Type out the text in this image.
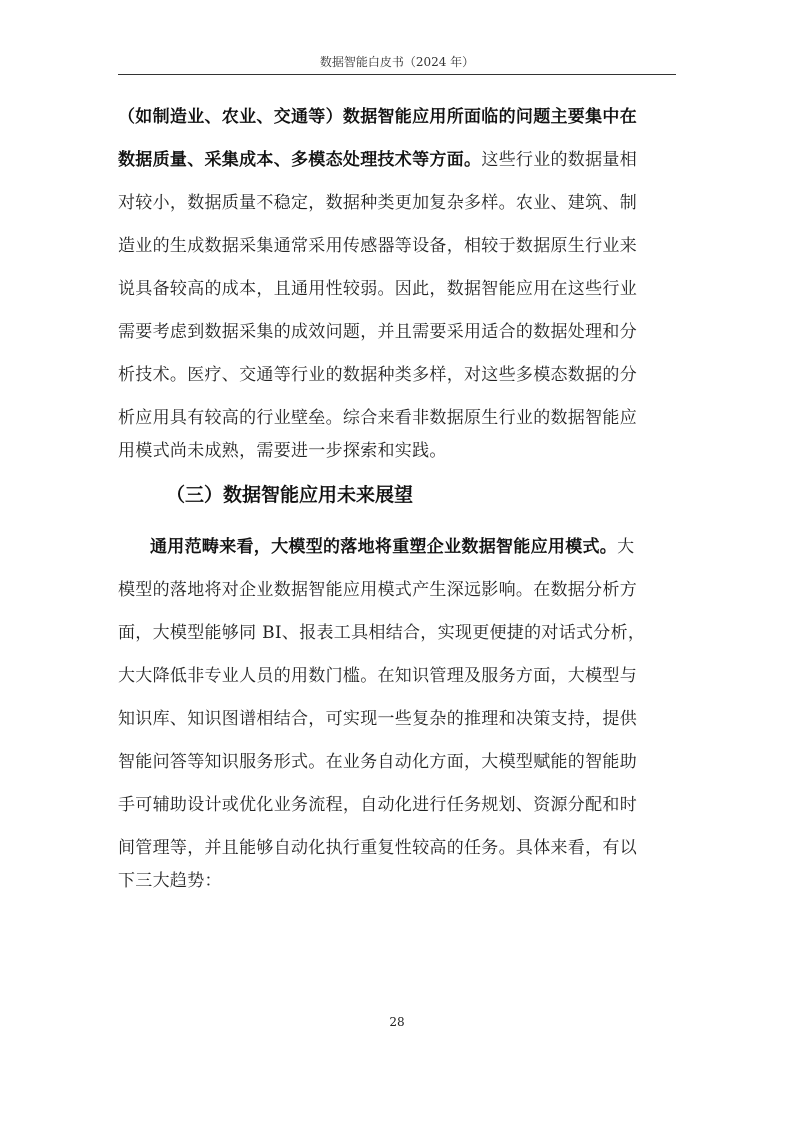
数据智能白皮书（2024 年）
（如制造业、农业、交通等）数据智能应用所面临的问题主要集中在
数据质量、采集成本、多模态处理技术等方面。这些行业的数据量相
对较小，数据质量不稳定，数据种类更加复杂多样。农业、建筑、制
造业的生成数据采集通常采用传感器等设备，相较于数据原生行业来
说具备较高的成本，且通用性较弱。因此，数据智能应用在这些行业
需要考虑到数据采集的成效问题，并且需要采用适合的数据处理和分
析技术。医疗、交通等行业的数据种类多样，对这些多模态数据的分
析应用具有较高的行业壁垒。综合来看非数据原生行业的数据智能应
用模式尚未成熟，需要进一步探索和实践。
（三）数据智能应用未来展望
通用范畴来看，大模型的落地将重塑企业数据智能应用模式。大
模型的落地将对企业数据智能应用模式产生深远影响。在数据分析方
面，大模型能够同 BI、报表工具相结合，实现更便捷的对话式分析，
大大降低非专业人员的用数门槛。在知识管理及服务方面，大模型与
知识库、知识图谱相结合，可实现一些复杂的推理和决策支持，提供
智能问答等知识服务形式。在业务自动化方面，大模型赋能的智能助
手可辅助设计或优化业务流程，自动化进行任务规划、资源分配和时
间管理等，并且能够自动化执行重复性较高的任务。具体来看，有以
下三大趋势：
28
